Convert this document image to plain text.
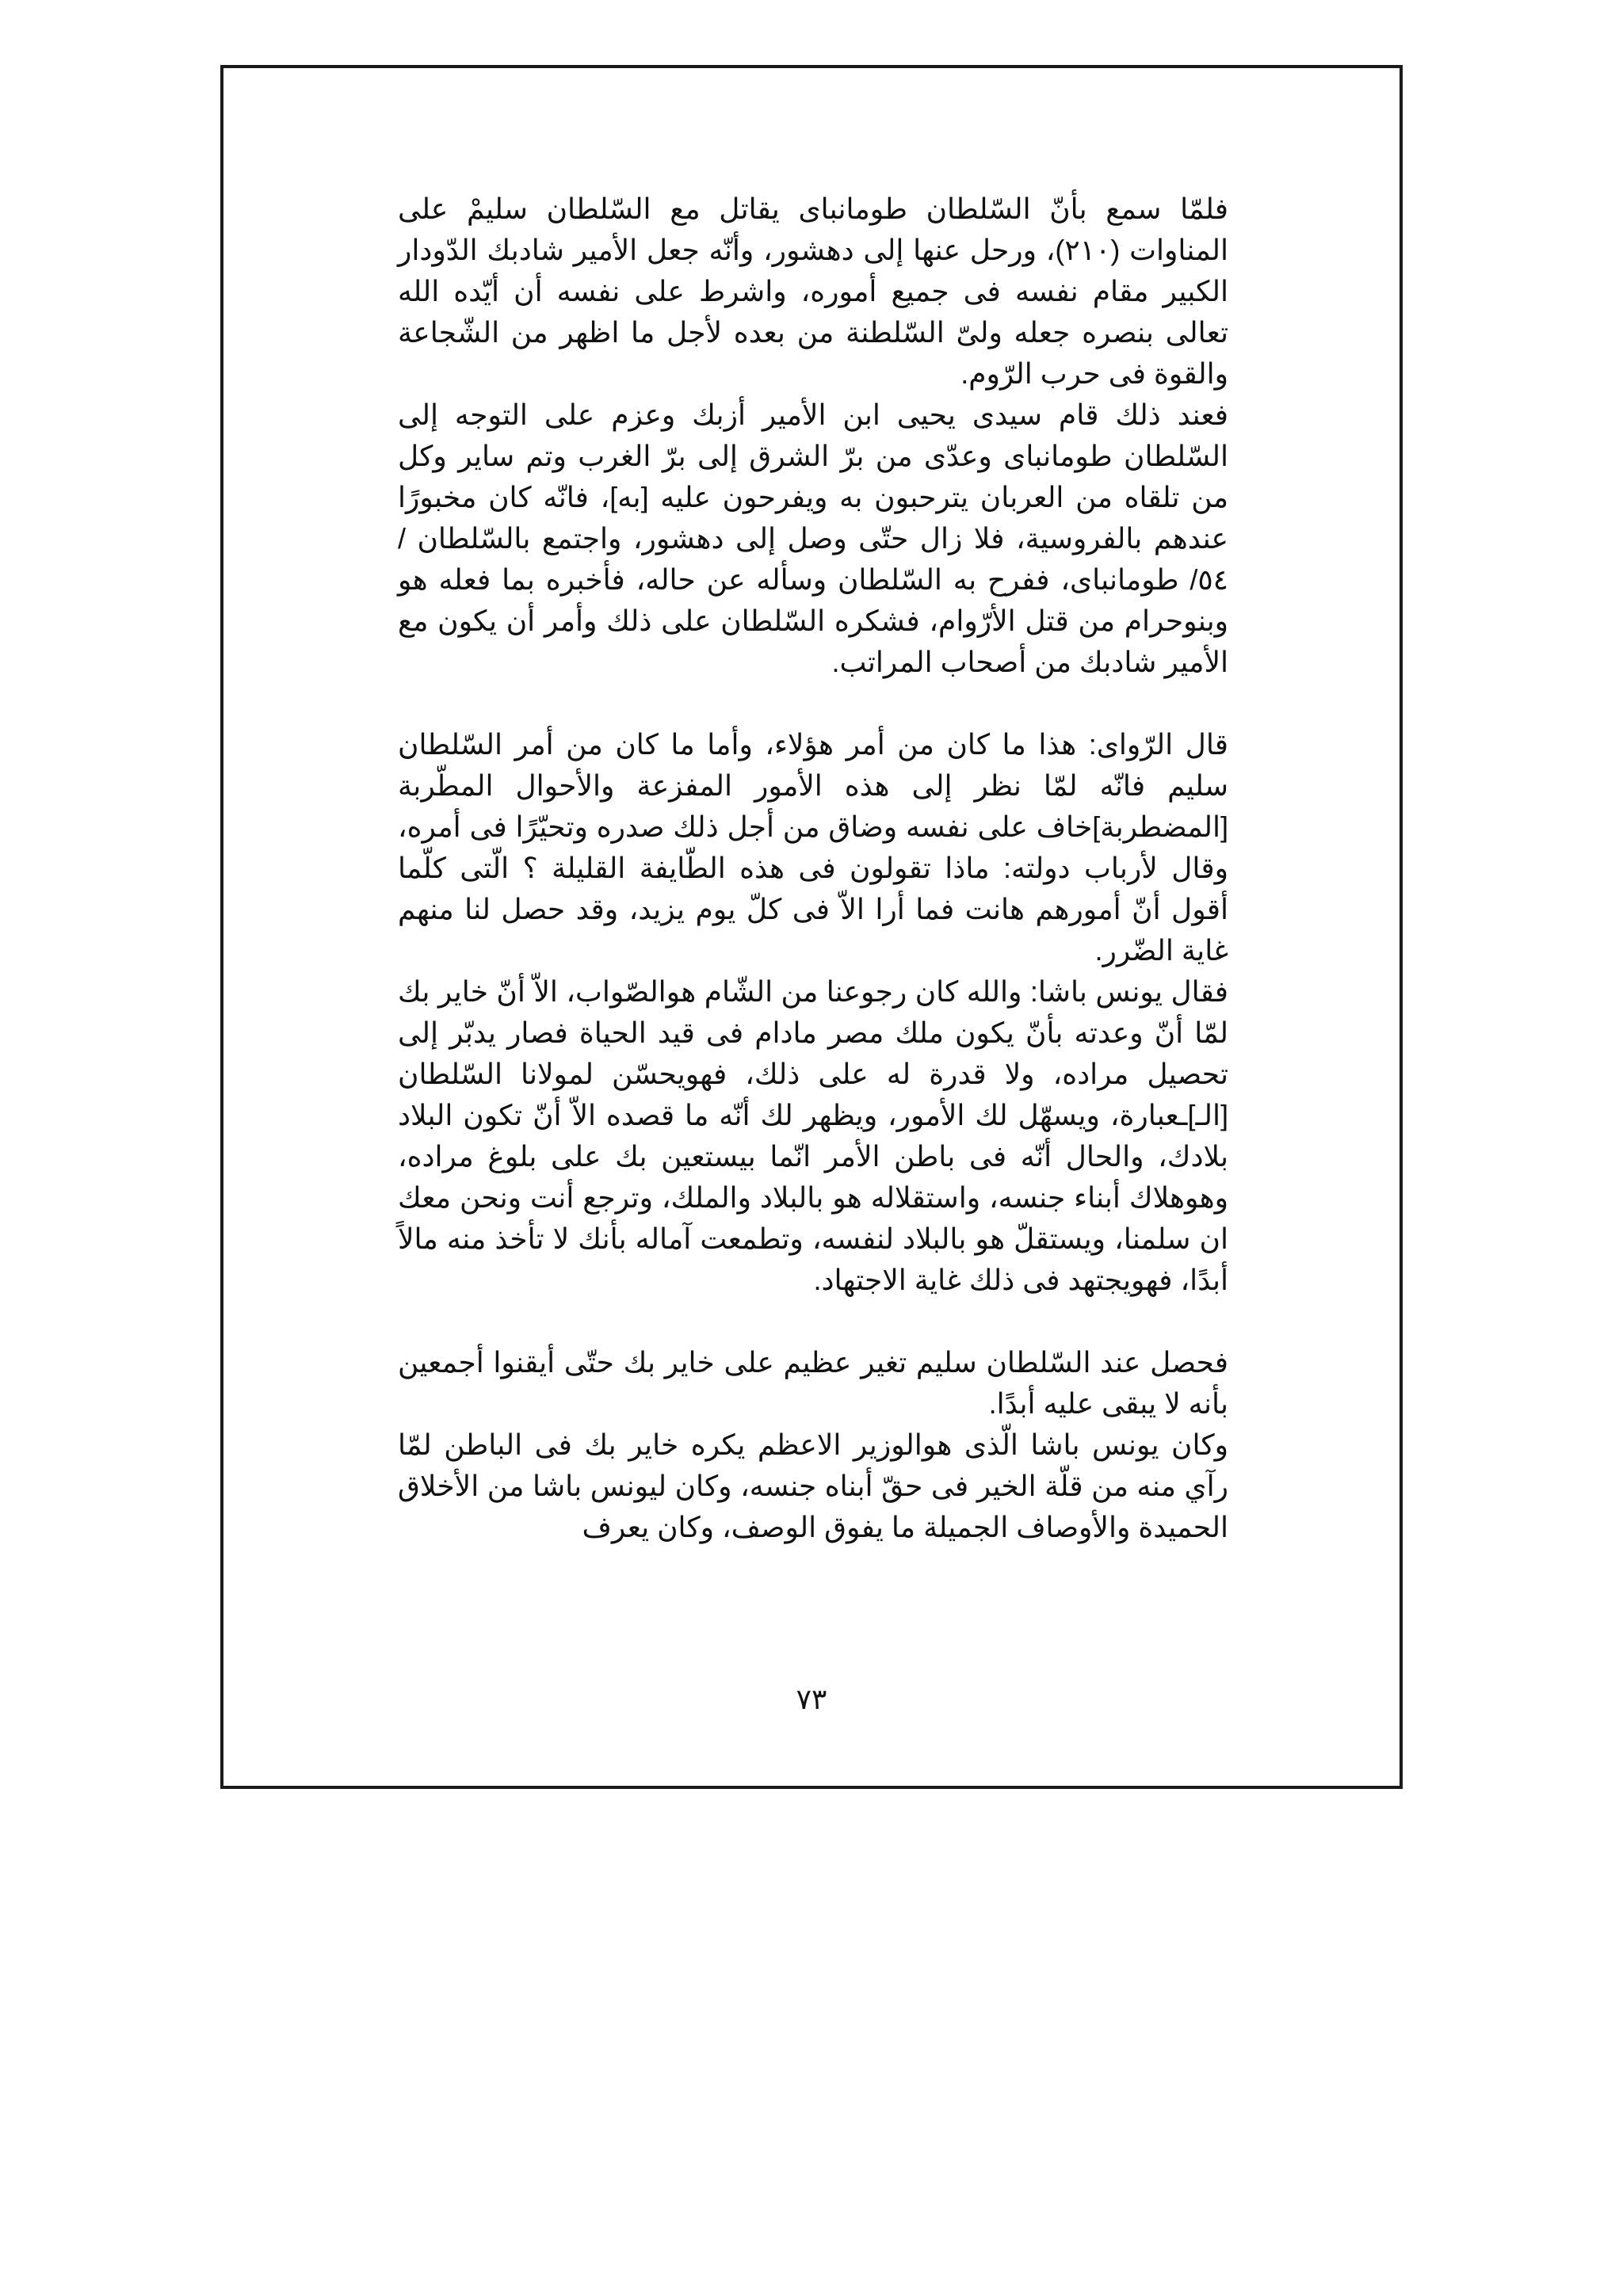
فلمّا سمع بأنّ السّلطان طومانباى يقاتل مع السّلطان سليمْ على المناوات (٢١٠)، ورحل عنها إلى دهشور، وأنّه جعل الأمير شادبك الدّودار الكبير مقام نفسه فى جميع أموره، واشرط على نفسه أن أيّده الله تعالى بنصره جعله ولىّ السّلطنة من بعده لأجل ما اظهر من الشّجاعة والقوة فى حرب الرّوم.

فعند ذلك قام سيدى يحيى ابن الأمير أزبك وعزم على التوجه إلى السّلطان طومانباى وعدّى من برّ الشرق إلى برّ الغرب وتم ساير وكل من تلقاه من العربان يترحبون به ويفرحون عليه [به]، فانّه كان مخبورًا عندهم بالفروسية، فلا زال حتّى وصل إلى دهشور، واجتمع بالسّلطان /٥٤/ طومانباى، ففرح به السّلطان وسأله عن حاله، فأخبره بما فعله هو وبنوحرام من قتل الأرّوام، فشكره السّلطان على ذلك وأمر أن يكون مع الأمير شادبك من أصحاب المراتب.

قال الرّواى: هذا ما كان من أمر هؤلاء، وأما ما كان من أمر السّلطان سليم فانّه لمّا نظر إلى هذه الأمور المفزعة والأحوال المطّربة [المضطربة]خاف على نفسه وضاق من أجل ذلك صدره وتحيّرًا فى أمره، وقال لأرباب دولته: ماذا تقولون فى هذه الطّايفة القليلة ؟ الّتى كلّما أقول أنّ أمورهم هانت فما أرا الاّ فى كلّ يوم يزيد، وقد حصل لنا منهم غاية الضّرر.

فقال يونس باشا: والله كان رجوعنا من الشّام هوالصّواب، الاّ أنّ خاير بك لمّا أنّ وعدته بأنّ يكون ملك مصر مادام فى قيد الحياة فصار يدبّر إلى تحصيل مراده، ولا قدرة له على ذلك، فهويحسّن لمولانا السّلطان [الـ]ـعبارة، ويسهّل لك الأمور، ويظهر لك أنّه ما قصده الاّ أنّ تكون البلاد بلادك، والحال أنّه فى باطن الأمر انّما بيستعين بك على بلوغ مراده، وهوهلاك أبناء جنسه، واستقلاله هو بالبلاد والملك، وترجع أنت ونحن معك ان سلمنا، ويستقلّ هو بالبلاد لنفسه، وتطمعت آماله بأنك لا تأخذ منه مالاً أبدًا، فهويجتهد فى ذلك غاية الاجتهاد.

فحصل عند السّلطان سليم تغير عظيم على خاير بك حتّى أيقنوا أجمعين بأنه لا يبقى عليه أبدًا.

وكان يونس باشا الّذى هوالوزير الاعظم يكره خاير بك فى الباطن لمّا رآي منه من قلّة الخير فى حقّ أبناه جنسه، وكان ليونس باشا من الأخلاق الحميدة والأوصاف الجميلة ما يفوق الوصف، وكان يعرف

٧٣
